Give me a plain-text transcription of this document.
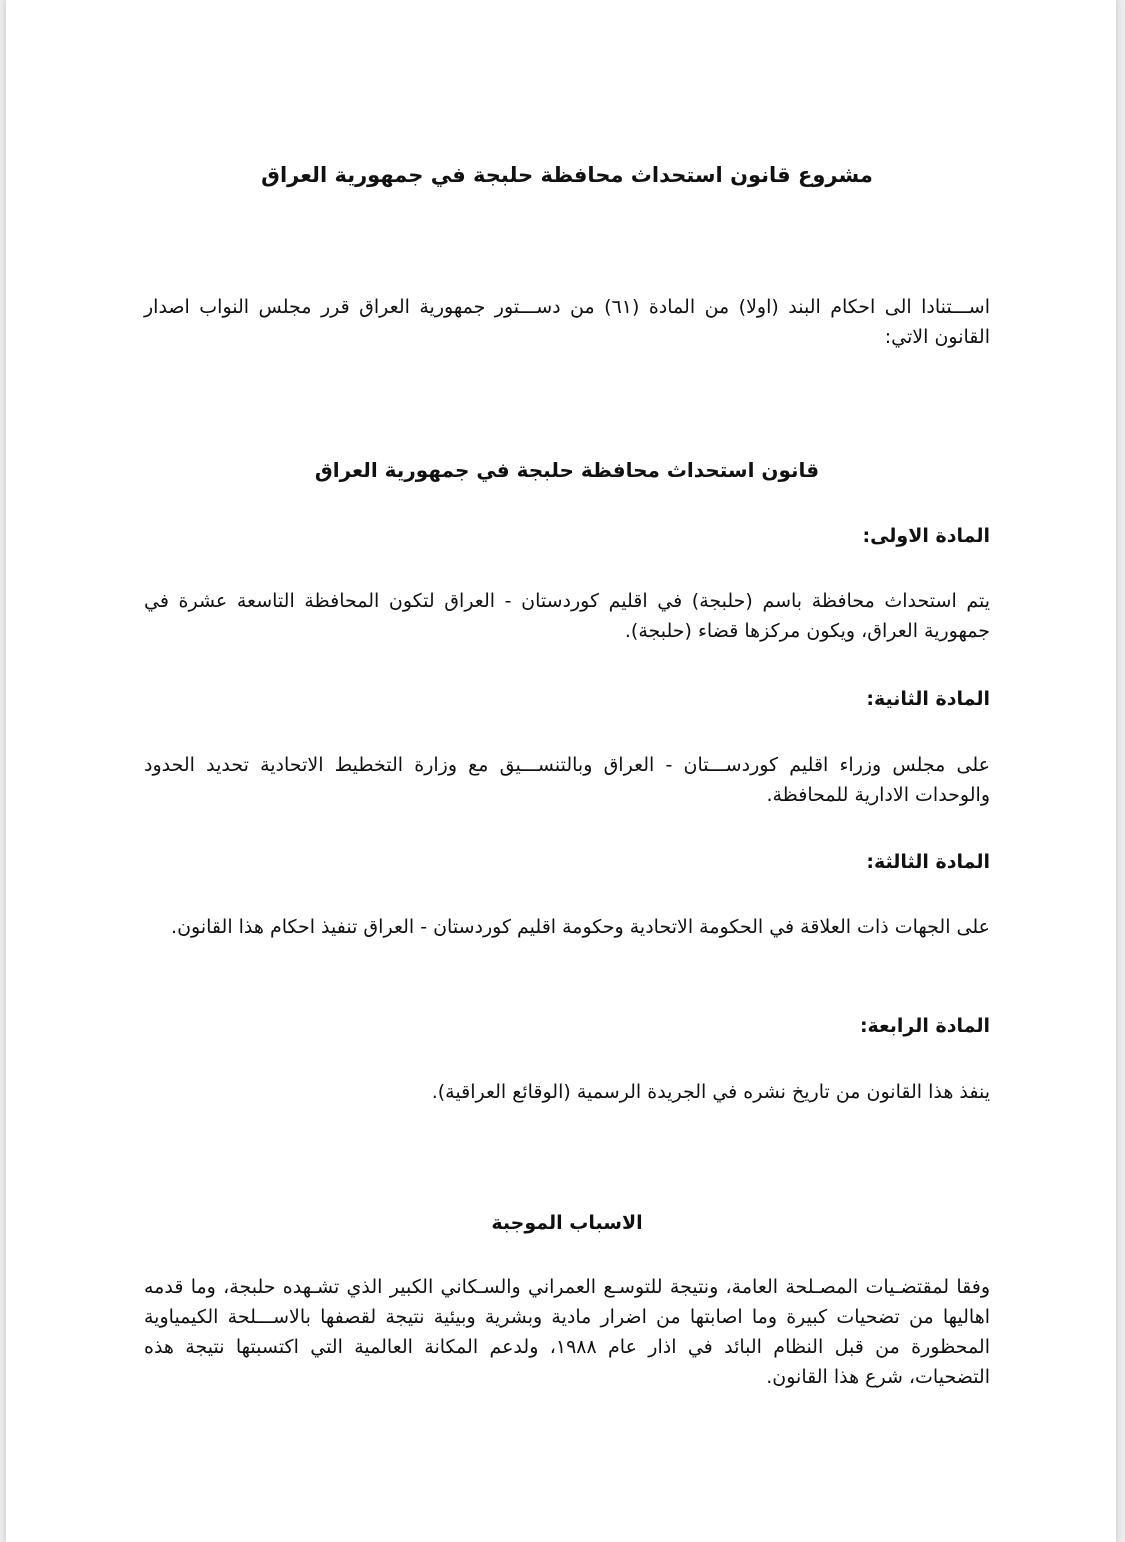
مشروع قانون استحداث محافظة حلبجة في جمهورية العراق

اســـتنادا الى احكام البند (اولا) من المادة (٦١) من دســـتور جمهورية العراق قرر مجلس النواب اصدار القانون الاتي:

قانون استحداث محافظة حلبجة في جمهورية العراق
المادة الاولى:

يتم استحداث محافظة باسم (حلبجة) في اقليم كوردستان - العراق لتكون المحافظة التاسعة عشرة في جمهورية العراق، ويكون مركزها قضاء (حلبجة).

المادة الثانية:

على مجلس وزراء اقليم كوردســـتان - العراق وبالتنســـيق مع وزارة التخطيط الاتحادية تحديد الحدود والوحدات الادارية للمحافظة.

المادة الثالثة:

على الجهات ذات العلاقة في الحكومة الاتحادية وحكومة اقليم كوردستان - العراق تنفيذ احكام هذا القانون.

المادة الرابعة:

ينفذ هذا القانون من تاريخ نشره في الجريدة الرسمية (الوقائع العراقية).

الاسباب الموجبة

وفقا لمقتضـيات المصـلحة العامة، ونتيجة للتوسـع العمراني والسـكاني الكبير الذي تشـهده حلبجة، وما قدمه اهاليها من تضحيات كبيرة وما اصابتها من اضرار مادية وبشرية وبيئية نتيجة لقصفها بالاســـلحة الكيمياوية المحظورة من قبل النظام البائد في اذار عام ١٩٨٨، ولدعم المكانة العالمية التي اكتسبتها نتيجة هذه التضحيات، شرع هذا القانون.
